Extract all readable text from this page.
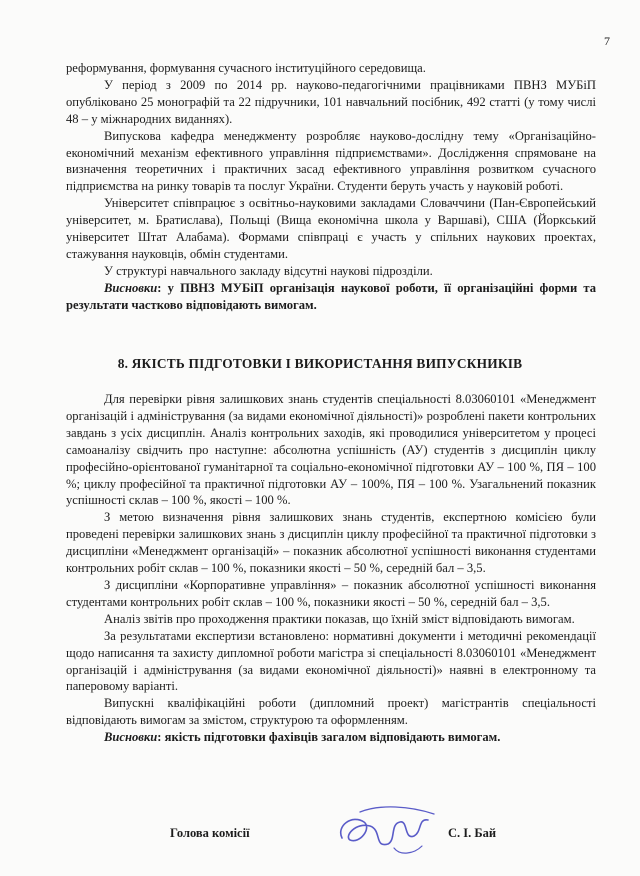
7

реформування, формування сучасного інституційного середовища.

У період з 2009 по 2014 рр. науково-педагогічними працівниками ПВНЗ МУБіП опубліковано 25 монографій та 22 підручники, 101 навчальний посібник, 492 статті (у тому числі 48 – у міжнародних виданнях).

Випускова кафедра менеджменту розробляє науково-дослідну тему «Організаційно-економічний механізм ефективного управління підприємствами». Дослідження спрямоване на визначення теоретичних і практичних засад ефективного управління розвитком сучасного підприємства на ринку товарів та послуг України. Студенти беруть участь у науковій роботі.

Університет співпрацює з освітньо-науковими закладами Словаччини (Пан-Європейський університет, м. Братислава), Польщі (Вища економічна школа у Варшаві), США (Йоркський університет Штат Алабама). Формами співпраці є участь у спільних наукових проектах, стажування науковців, обмін студентами.

У структурі навчального закладу відсутні наукові підрозділи.

Висновки: у ПВНЗ МУБіП організація наукової роботи, її організаційні форми та результати частково відповідають вимогам.

8. ЯКІСТЬ ПІДГОТОВКИ І ВИКОРИСТАННЯ ВИПУСКНИКІВ

Для перевірки рівня залишкових знань студентів спеціальності 8.03060101 «Менеджмент організацій і адміністрування (за видами економічної діяльності)» розроблені пакети контрольних завдань з усіх дисциплін. Аналіз контрольних заходів, які проводилися університетом у процесі самоаналізу свідчить про наступне: абсолютна успішність (АУ) студентів з дисциплін циклу професійно-орієнтованої гуманітарної та соціально-економічної підготовки АУ – 100 %, ПЯ – 100 %; циклу професійної та практичної підготовки АУ – 100%, ПЯ – 100 %. Узагальнений показник успішності склав – 100 %, якості – 100 %.

З метою визначення рівня залишкових знань студентів, експертною комісією були проведені перевірки залишкових знань з дисциплін циклу професійної та практичної підготовки з дисципліни «Менеджмент організацій» – показник абсолютної успішності виконання студентами контрольних робіт склав – 100 %, показники якості – 50 %, середній бал – 3,5.

З дисципліни «Корпоративне управління» – показник абсолютної успішності виконання студентами контрольних робіт склав – 100 %, показники якості – 50 %, середній бал – 3,5.

Аналіз звітів про проходження практики показав, що їхній зміст відповідають вимогам.

За результатами експертизи встановлено: нормативні документи і методичні рекомендації щодо написання та захисту дипломної роботи магістра зі спеціальності 8.03060101 «Менеджмент організацій і адміністрування (за видами економічної діяльності)» наявні в електронному та паперовому варіанті.

Випускні кваліфікаційні роботи (дипломний проект) магістрантів спеціальності відповідають вимогам за змістом, структурою та оформленням.

Висновки: якість підготовки фахівців загалом відповідають вимогам.

Голова комісії	С. І. Бай
